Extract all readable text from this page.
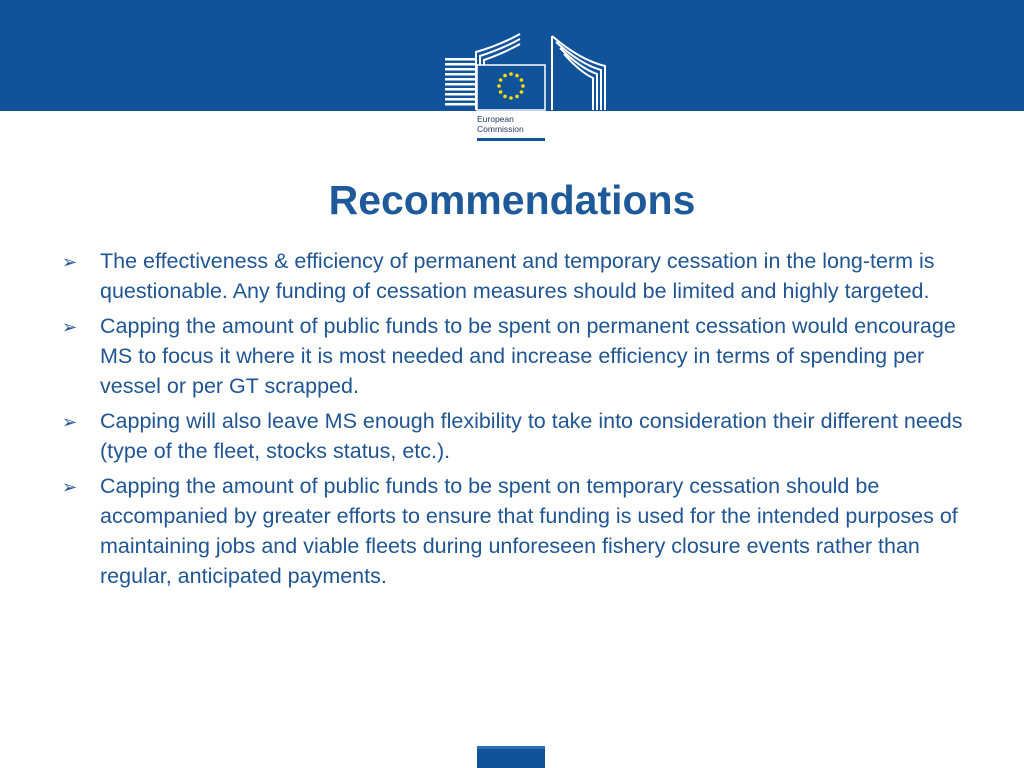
European
Commission
Recommendations
➢ The effectiveness & efficiency of permanent and temporary cessation in the long-term is questionable. Any funding of cessation measures should be limited and highly targeted.
➢ Capping the amount of public funds to be spent on permanent cessation would encourage MS to focus it where it is most needed and increase efficiency in terms of spending per vessel or per GT scrapped.
➢ Capping will also leave MS enough flexibility to take into consideration their different needs (type of the fleet, stocks status, etc.).
➢ Capping the amount of public funds to be spent on temporary cessation should be accompanied by greater efforts to ensure that funding is used for the intended purposes of maintaining jobs and viable fleets during unforeseen fishery closure events rather than regular, anticipated payments.
